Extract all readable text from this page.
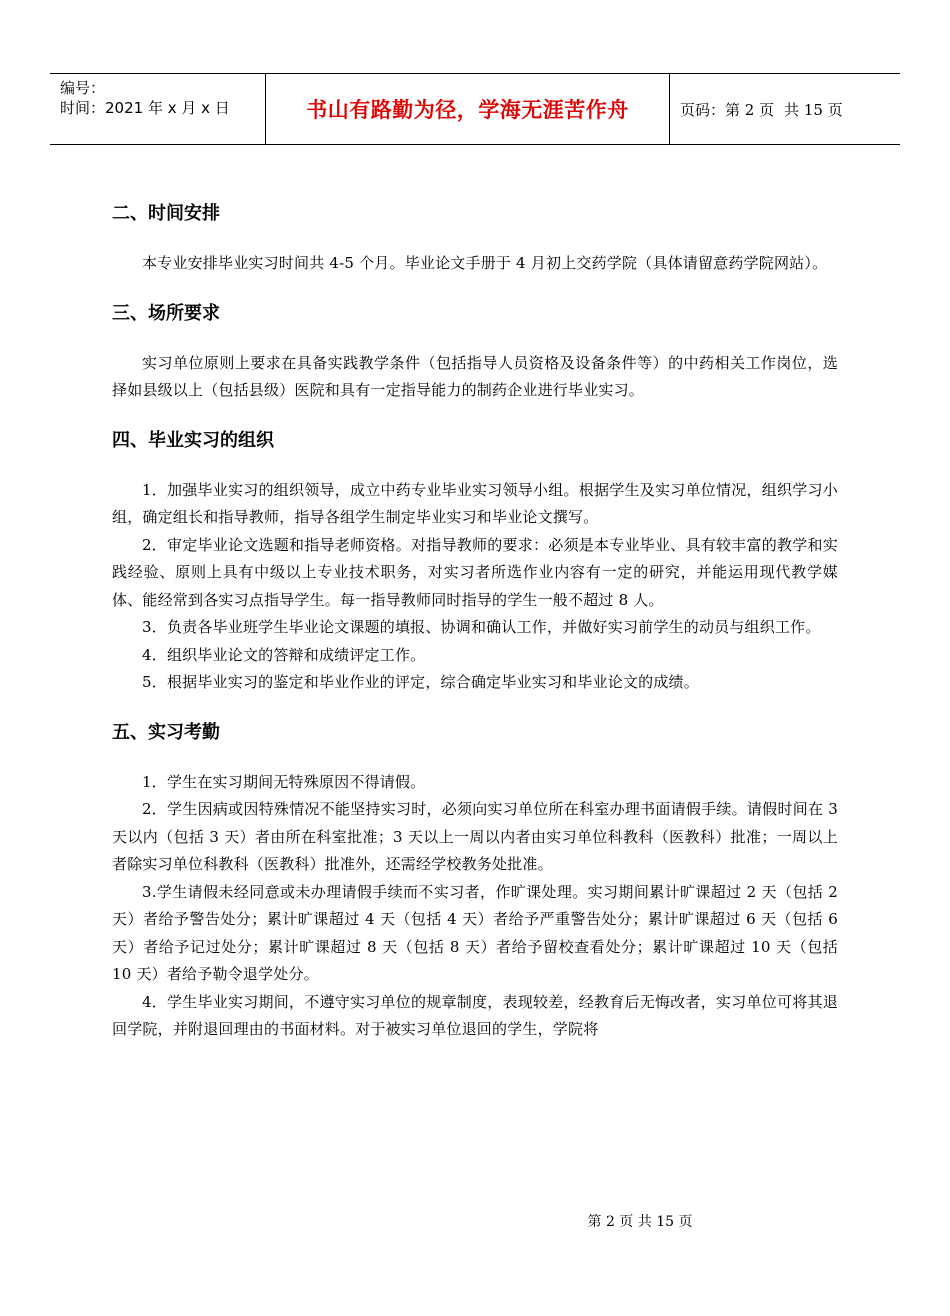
编号：
时间：2021 年 x 月 x 日	书山有路勤为径，学海无涯苦作舟	页码：第 2 页 共 15 页
二、时间安排

本专业安排毕业实习时间共 4-5 个月。毕业论文手册于 4 月初上交药学院（具体请留意药学院网站）。

三、场所要求

实习单位原则上要求在具备实践教学条件（包括指导人员资格及设备条件等）的中药相关工作岗位，选择如县级以上（包括县级）医院和具有一定指导能力的制药企业进行毕业实习。

四、毕业实习的组织

1．加强毕业实习的组织领导，成立中药专业毕业实习领导小组。根据学生及实习单位情况，组织学习小组，确定组长和指导教师，指导各组学生制定毕业实习和毕业论文撰写。

2．审定毕业论文选题和指导老师资格。对指导教师的要求：必须是本专业毕业、具有较丰富的教学和实践经验、原则上具有中级以上专业技术职务，对实习者所选作业内容有一定的研究，并能运用现代教学媒体、能经常到各实习点指导学生。每一指导教师同时指导的学生一般不超过 8 人。

3．负责各毕业班学生毕业论文课题的填报、协调和确认工作，并做好实习前学生的动员与组织工作。

4．组织毕业论文的答辩和成绩评定工作。

5．根据毕业实习的鉴定和毕业作业的评定，综合确定毕业实习和毕业论文的成绩。

五、实习考勤

1．学生在实习期间无特殊原因不得请假。

2．学生因病或因特殊情况不能坚持实习时，必须向实习单位所在科室办理书面请假手续。请假时间在 3 天以内（包括 3 天）者由所在科室批准；3 天以上一周以内者由实习单位科教科（医教科）批准；一周以上者除实习单位科教科（医教科）批准外，还需经学校教务处批准。

3.学生请假未经同意或未办理请假手续而不实习者，作旷课处理。实习期间累计旷课超过 2 天（包括 2 天）者给予警告处分；累计旷课超过 4 天（包括 4 天）者给予严重警告处分；累计旷课超过 6 天（包括 6 天）者给予记过处分；累计旷课超过 8 天（包括 8 天）者给予留校查看处分；累计旷课超过 10 天（包括 10 天）者给予勒令退学处分。

4．学生毕业实习期间，不遵守实习单位的规章制度，表现较差，经教育后无悔改者，实习单位可将其退回学院，并附退回理由的书面材料。对于被实习单位退回的学生，学院将

第 2 页 共 15 页
